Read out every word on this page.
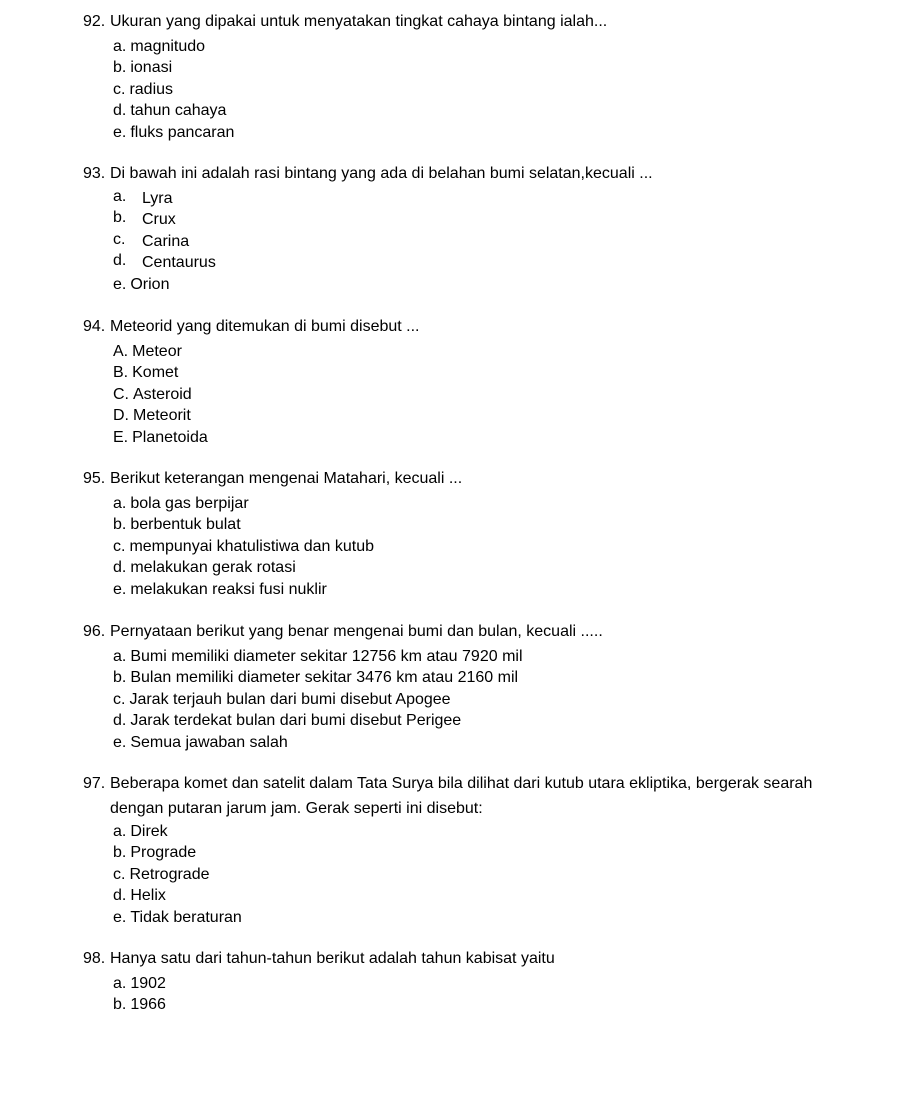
92. Ukuran yang dipakai untuk menyatakan tingkat cahaya bintang ialah...
a. magnitudo
b. ionasi
c. radius
d. tahun cahaya
e. fluks pancaran
93. Di bawah ini adalah rasi bintang yang ada di belahan bumi selatan,kecuali ...
a. Lyra
b. Crux
c. Carina
d. Centaurus
e. Orion
94. Meteorid yang ditemukan di bumi disebut ...
A. Meteor
B. Komet
C. Asteroid
D. Meteorit
E. Planetoida
95. Berikut keterangan mengenai Matahari, kecuali ...
a. bola gas berpijar
b. berbentuk bulat
c. mempunyai khatulistiwa dan kutub
d. melakukan gerak rotasi
e. melakukan reaksi fusi nuklir
96. Pernyataan berikut yang benar mengenai bumi dan bulan, kecuali .....
a. Bumi memiliki diameter sekitar 12756 km atau 7920 mil
b. Bulan memiliki diameter sekitar 3476 km atau 2160 mil
c. Jarak terjauh bulan dari bumi disebut Apogee
d. Jarak terdekat bulan dari bumi disebut Perigee
e. Semua jawaban salah
97. Beberapa komet dan satelit dalam Tata Surya bila dilihat dari kutub utara ekliptika, bergerak searah dengan putaran jarum jam. Gerak seperti ini disebut:
a. Direk
b. Prograde
c. Retrograde
d. Helix
e. Tidak beraturan
98. Hanya satu dari tahun-tahun berikut adalah tahun kabisat yaitu
a. 1902
b. 1966
